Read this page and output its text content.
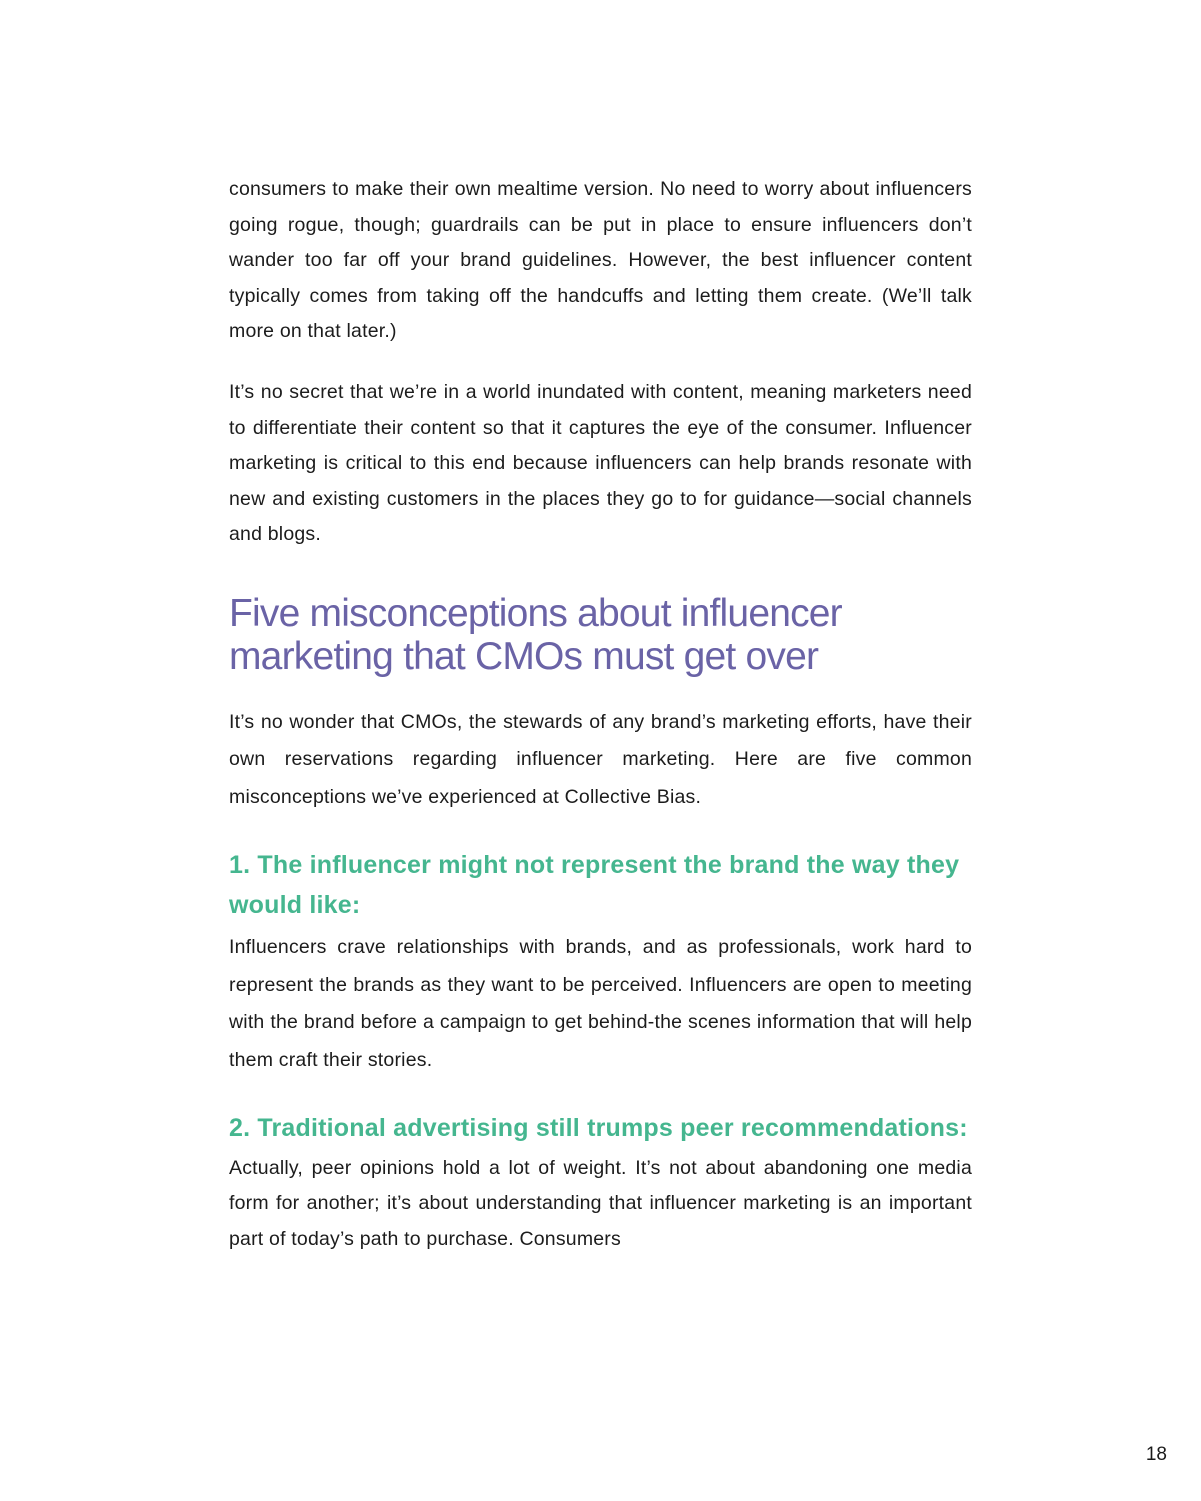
consumers to make their own mealtime version. No need to worry about influencers going rogue, though; guardrails can be put in place to ensure influencers don’t wander too far off your brand guidelines. However, the best influencer content typically comes from taking off the handcuffs and letting them create. (We’ll talk more on that later.)

It’s no secret that we’re in a world inundated with content, meaning marketers need to differentiate their content so that it captures the eye of the consumer. Influencer marketing is critical to this end because influencers can help brands resonate with new and existing customers in the places they go to for guidance—social channels and blogs.

Five misconceptions about influencer marketing that CMOs must get over

It’s no wonder that CMOs, the stewards of any brand’s marketing efforts, have their own reservations regarding influencer marketing. Here are five common misconceptions we’ve experienced at Collective Bias.

1. The influencer might not represent the brand the way they would like:

Influencers crave relationships with brands, and as professionals, work hard to represent the brands as they want to be perceived. Influencers are open to meeting with the brand before a campaign to get behind-the scenes information that will help them craft their stories.

2. Traditional advertising still trumps peer recommendations:

Actually, peer opinions hold a lot of weight. It’s not about abandoning one media form for another; it’s about understanding that influencer marketing is an important part of today’s path to purchase. Consumers

18
